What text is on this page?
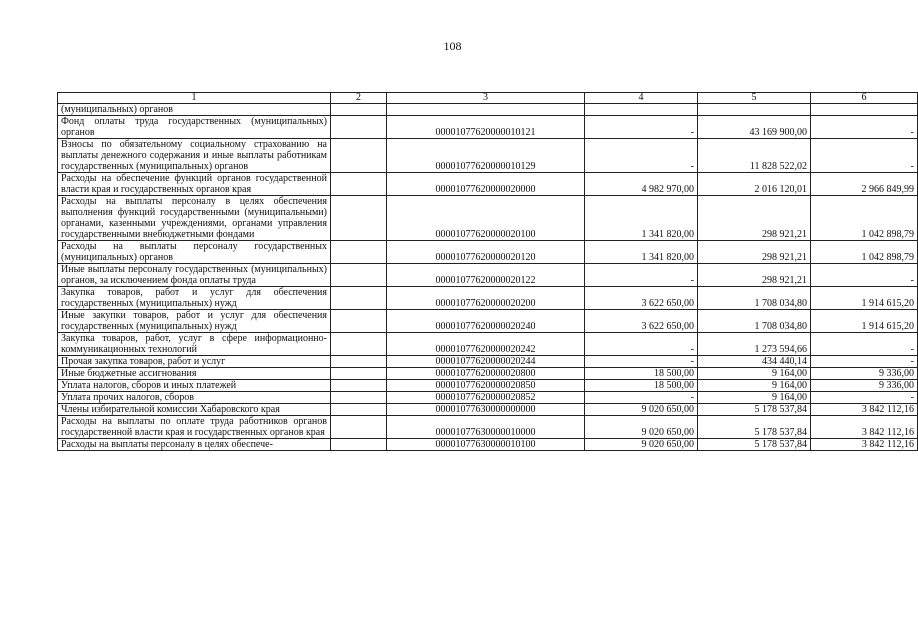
108
1	2	3	4	5	6
(муниципальных) органов					
Фонд оплаты труда государственных (муниципальных) органов		00001077620000010121	-	43 169 900,00	-
Взносы по обязательному социальному страхованию на выплаты денежного содержания и иные выплаты работникам государственных (муниципальных) органов		00001077620000010129	-	11 828 522,02	-
Расходы на обеспечение функций органов государственной власти края и государственных органов края		00001077620000020000	4 982 970,00	2 016 120,01	2 966 849,99
Расходы на выплаты персоналу в целях обеспечения выполнения функций государственными (муниципальными) органами, казенными учреждениями, органами управления государственными внебюджетными фондами		00001077620000020100	1 341 820,00	298 921,21	1 042 898,79
Расходы на выплаты персоналу государственных (муниципальных) органов		00001077620000020120	1 341 820,00	298 921,21	1 042 898,79
Иные выплаты персоналу государственных (муниципальных) органов, за исключением фонда оплаты труда		00001077620000020122	-	298 921,21	-
Закупка товаров, работ и услуг для обеспечения государственных (муниципальных) нужд		00001077620000020200	3 622 650,00	1 708 034,80	1 914 615,20
Иные закупки товаров, работ и услуг для обеспечения государственных (муниципальных) нужд		00001077620000020240	3 622 650,00	1 708 034,80	1 914 615,20
Закупка товаров, работ, услуг в сфере информационно-коммуникационных технологий		00001077620000020242	-	1 273 594,66	-
Прочая закупка товаров, работ и услуг		00001077620000020244	-	434 440,14	-
Иные бюджетные ассигнования		00001077620000020800	18 500,00	9 164,00	9 336,00
Уплата налогов, сборов и иных платежей		00001077620000020850	18 500,00	9 164,00	9 336,00
Уплата прочих налогов, сборов		00001077620000020852	-	9 164,00	-
Члены избирательной комиссии Хабаровского края		00001077630000000000	9 020 650,00	5 178 537,84	3 842 112,16
Расходы на выплаты по оплате труда работников органов государственной власти края и государственных органов края		00001077630000010000	9 020 650,00	5 178 537,84	3 842 112,16
Расходы на выплаты персоналу в целях обеспече-		00001077630000010100	9 020 650,00	5 178 537,84	3 842 112,16
